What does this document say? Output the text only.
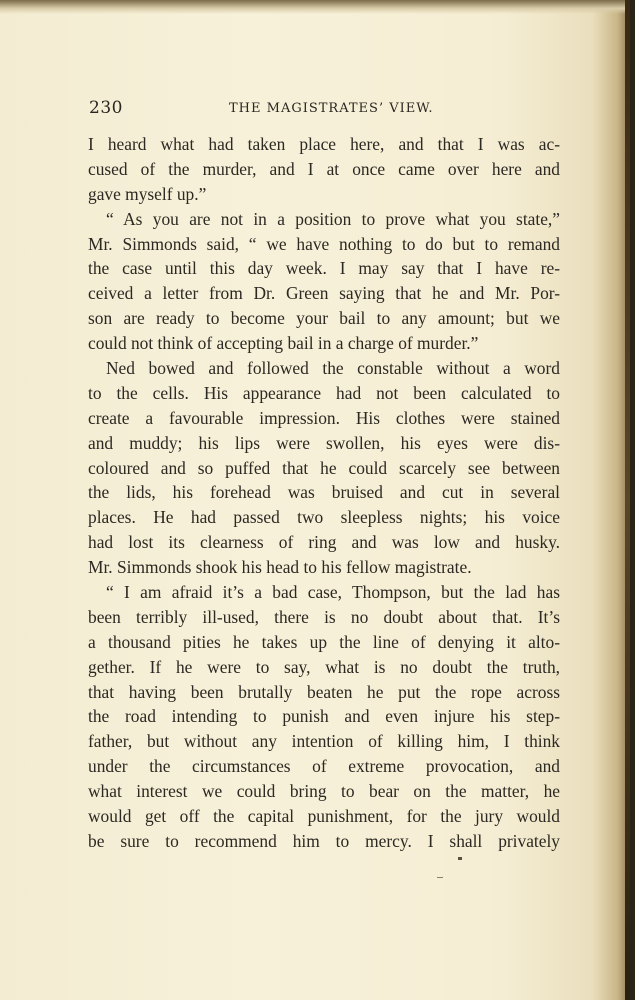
230	THE MAGISTRATES’ VIEW.
I heard what had taken place here, and that I was ac-
cused of the murder, and I at once came over here and
gave myself up.”
“ As you are not in a position to prove what you state,”
Mr. Simmonds said, “ we have nothing to do but to remand
the case until this day week. I may say that I have re-
ceived a letter from Dr. Green saying that he and Mr. Por-
son are ready to become your bail to any amount; but we
could not think of accepting bail in a charge of murder.”
Ned bowed and followed the constable without a word
to the cells. His appearance had not been calculated to
create a favourable impression. His clothes were stained
and muddy; his lips were swollen, his eyes were dis-
coloured and so puffed that he could scarcely see between
the lids, his forehead was bruised and cut in several
places. He had passed two sleepless nights; his voice
had lost its clearness of ring and was low and husky.
Mr. Simmonds shook his head to his fellow magistrate.
“ I am afraid it’s a bad case, Thompson, but the lad has
been terribly ill-used, there is no doubt about that. It’s
a thousand pities he takes up the line of denying it alto-
gether. If he were to say, what is no doubt the truth,
that having been brutally beaten he put the rope across
the road intending to punish and even injure his step-
father, but without any intention of killing him, I think
under the circumstances of extreme provocation, and
what interest we could bring to bear on the matter, he
would get off the capital punishment, for the jury would
be sure to recommend him to mercy. I shall privately
